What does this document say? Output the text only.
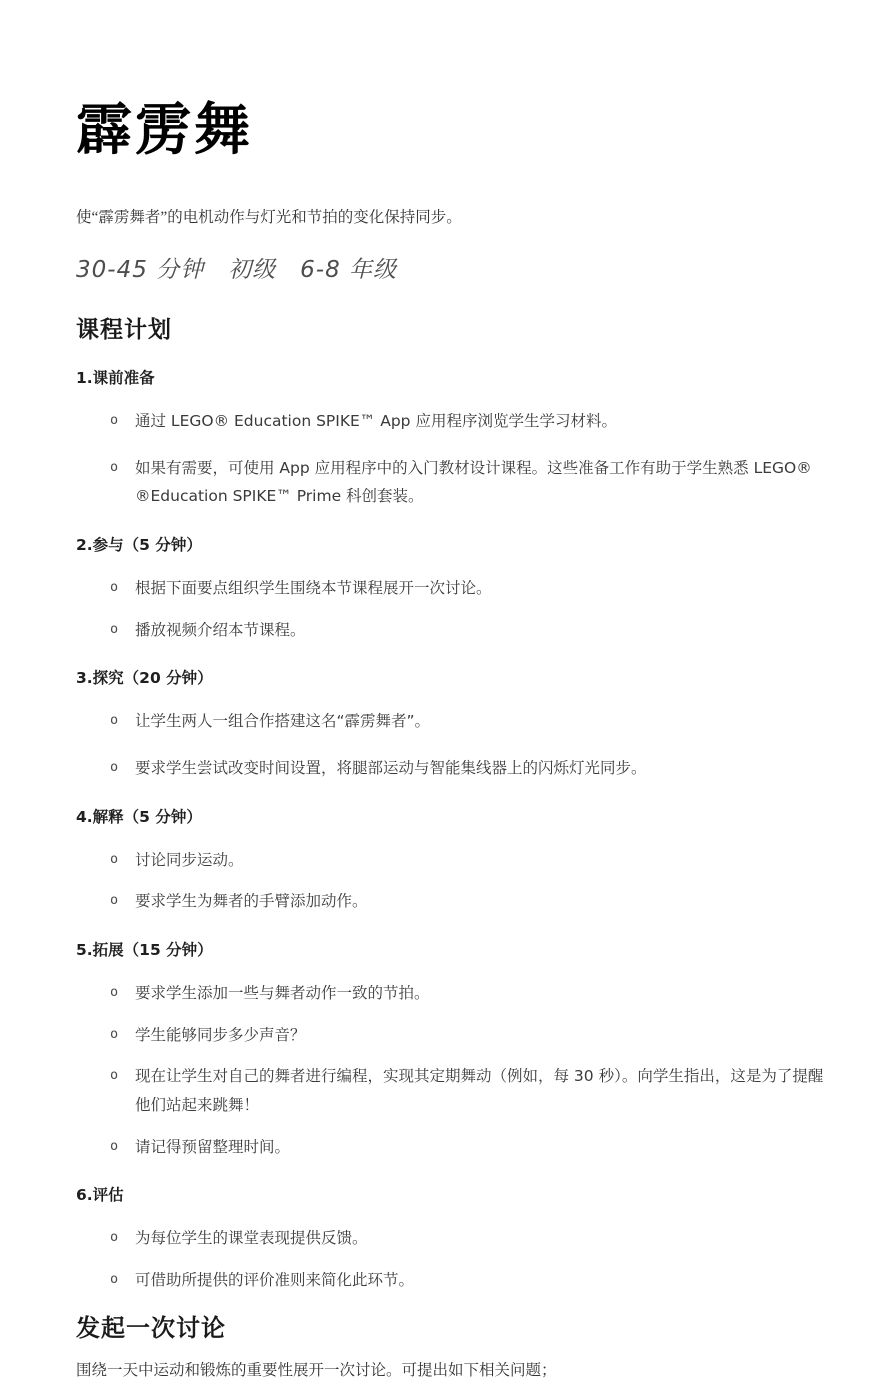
霹雳舞

使“霹雳舞者”的电机动作与灯光和节拍的变化保持同步。

30-45 分钟 初级 6-8 年级

课程计划
1.课前准备
o 通过 LEGO® Education SPIKE™ App 应用程序浏览学生学习材料。
o 如果有需要，可使用 App 应用程序中的入门教材设计课程。这些准备工作有助于学生熟悉 LEGO® ®Education SPIKE™ Prime 科创套装。
2.参与（5 分钟）
o 根据下面要点组织学生围绕本节课程展开一次讨论。
o 播放视频介绍本节课程。
3.探究（20 分钟）
o 让学生两人一组合作搭建这名“霹雳舞者”。
o 要求学生尝试改变时间设置，将腿部运动与智能集线器上的闪烁灯光同步。
4.解释（5 分钟）
o 讨论同步运动。
o 要求学生为舞者的手臂添加动作。
5.拓展（15 分钟）
o 要求学生添加一些与舞者动作一致的节拍。
o 学生能够同步多少声音？
o 现在让学生对自己的舞者进行编程，实现其定期舞动（例如，每 30 秒）。向学生指出，这是为了提醒他们站起来跳舞！
o 请记得预留整理时间。
6.评估
o 为每位学生的课堂表现提供反馈。
o 可借助所提供的评价准则来简化此环节。
发起一次讨论

围绕一天中运动和锻炼的重要性展开一次讨论。可提出如下相关问题；
